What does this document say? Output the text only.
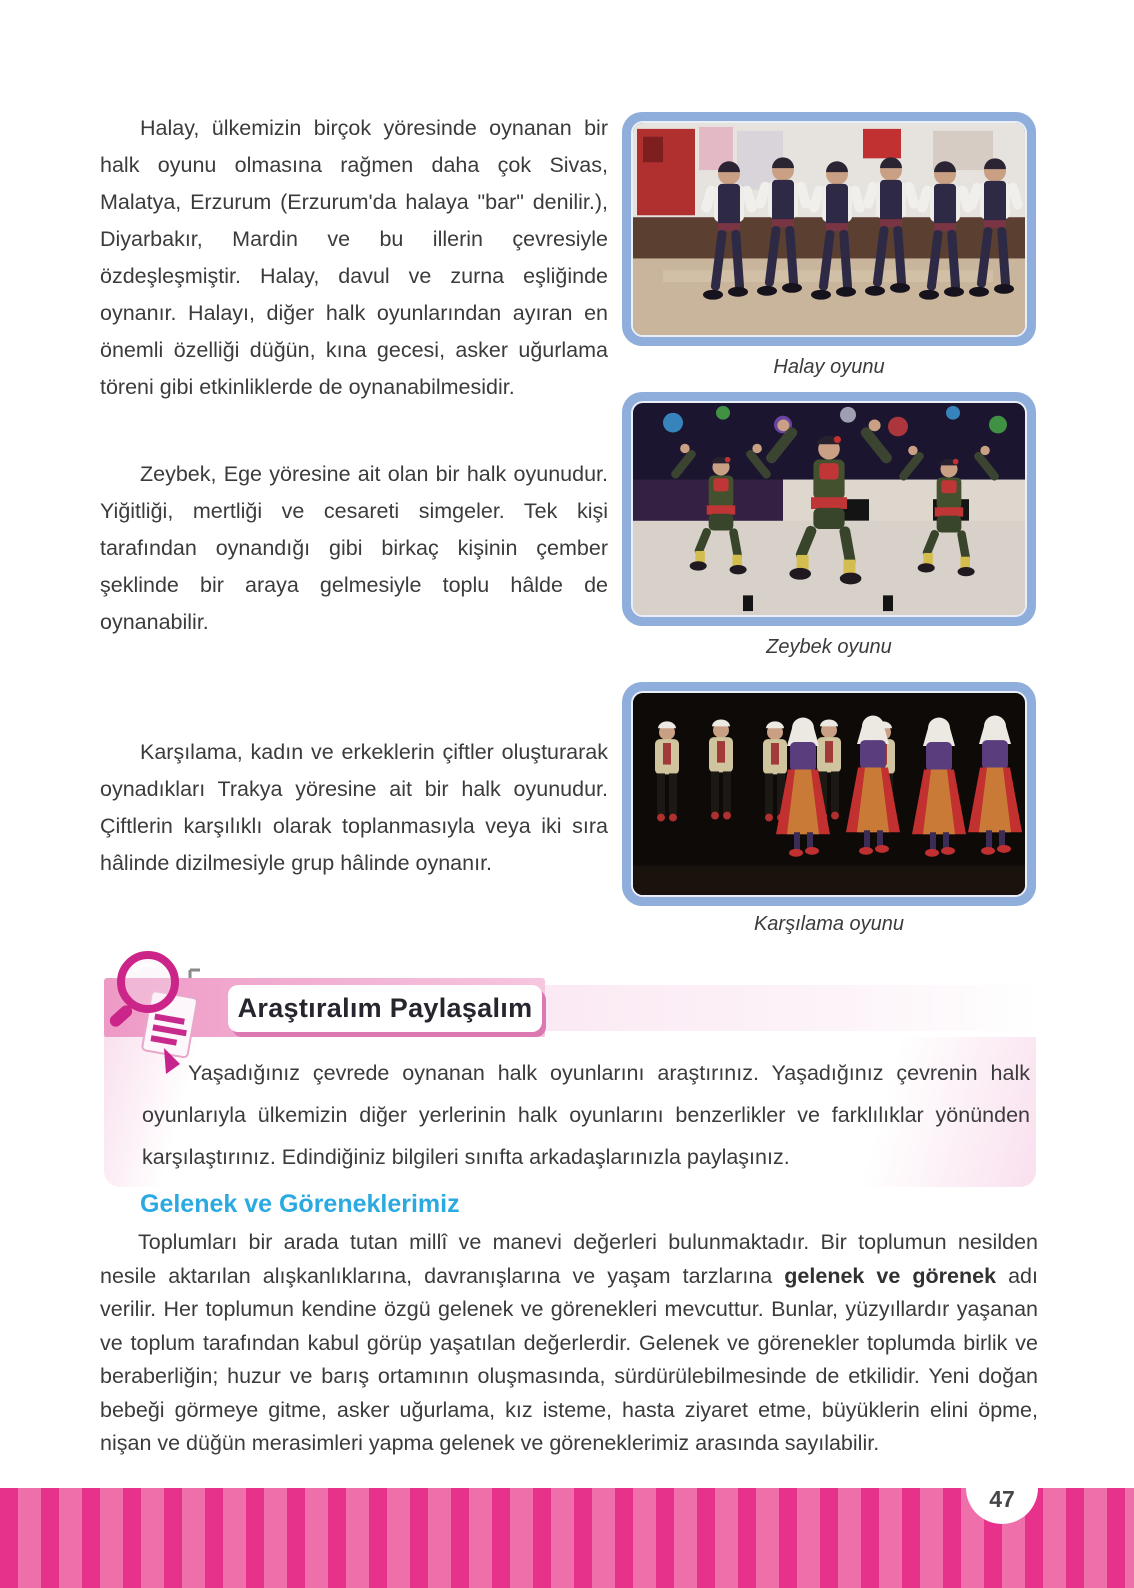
Halay, ülkemizin birçok yöresinde oynanan bir halk oyunu olmasına rağmen daha çok Sivas, Malatya, Erzurum (Erzurum'da halaya "bar" denilir.), Diyarbakır, Mardin ve bu illerin çevresiyle özdeşleşmiştir. Halay, davul ve zurna eşliğinde oynanır. Halayı, diğer halk oyunlarından ayıran en önemli özelliği düğün, kına gecesi, asker uğurlama töreni gibi etkinliklerde de oynanabilmesidir.

Zeybek, Ege yöresine ait olan bir halk oyunudur. Yiğitliği, mertliği ve cesareti simgeler. Tek kişi tarafından oynandığı gibi birkaç kişinin çember şeklinde bir araya gelmesiyle toplu hâlde de oynanabilir.

Karşılama, kadın ve erkeklerin çiftler oluşturarak oynadıkları Trakya yöresine ait bir halk oyunudur. Çiftlerin karşılıklı olarak toplanmasıyla veya iki sıra hâlinde dizilmesiyle grup hâlinde oynanır.

Halay oyunu
Zeybek oyunu
Karşılama oyunu
Araştıralım Paylaşalım

Yaşadığınız çevrede oynanan halk oyunlarını araştırınız. Yaşadığınız çevrenin halk oyunlarıyla ülkemizin diğer yerlerinin halk oyunlarını benzerlikler ve farklılıklar yönünden karşılaştırınız. Edindiğiniz bilgileri sınıfta arkadaşlarınızla paylaşınız.

Gelenek ve Göreneklerimiz

Toplumları bir arada tutan millî ve manevi değerleri bulunmaktadır. Bir toplumun nesilden nesile aktarılan alışkanlıklarına, davranışlarına ve yaşam tarzlarına gelenek ve görenek adı verilir. Her toplumun kendine özgü gelenek ve görenekleri mevcuttur. Bunlar, yüzyıllardır yaşanan ve toplum tarafından kabul görüp yaşatılan değerlerdir. Gelenek ve görenekler toplumda birlik ve beraberliğin; huzur ve barış ortamının oluşmasında, sürdürülebilmesinde de etkilidir. Yeni doğan bebeği görmeye gitme, asker uğurlama, kız isteme, hasta ziyaret etme, büyüklerin elini öpme, nişan ve düğün merasimleri yapma gelenek ve göreneklerimiz arasında sayılabilir.

47
